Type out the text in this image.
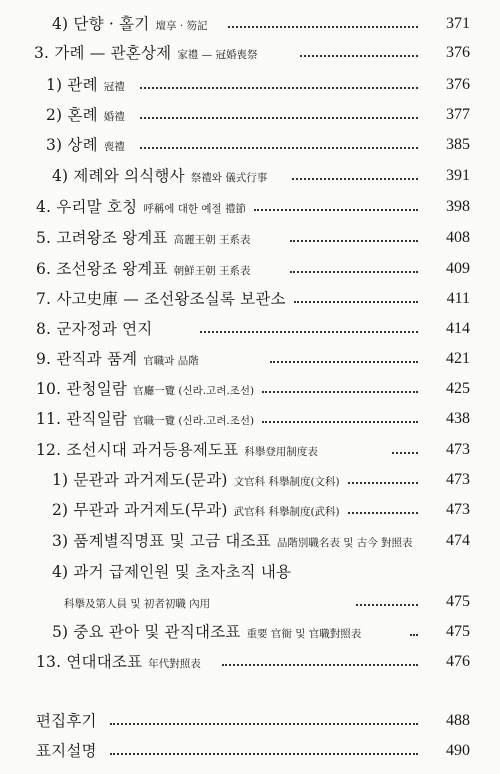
4) 단향 · 홀기 壇享 · 笏記	371
3. 가례 — 관혼상제 家禮 — 冠婚喪祭	376
1) 관례 冠禮	376
2) 혼례 婚禮	377
3) 상례 喪禮	385
4) 제례와 의식행사 祭禮와 儀式行事	391
4. 우리말 호칭 呼稱에 대한 예절 禮節	398
5. 고려왕조 왕계표 高麗王朝 王系表	408
6. 조선왕조 왕계표 朝鮮王朝 王系表	409
7. 사고史庫 — 조선왕조실록 보관소	411
8. 군자정과 연지	414
9. 관직과 품계 官職과 品階	421
10. 관청일람 官廳一覽 (신라.고려.조선)	425
11. 관직일람 官職一覽 (신라.고려.조선)	438
12. 조선시대 과거등용제도표 科擧登用制度表	473
1) 문관과 과거제도(문과) 文官科 科擧制度(文科)	473
2) 무관과 과거제도(무과) 武官科 科擧制度(武科)	473
3) 품계별직명표 및 고금 대조표 品階別職名表 및 古今 對照表 474
4) 과거 급제인원 및 초자초직 내용
科擧及第人員 및 初者初職 內用	475
5) 중요 관아 및 관직대조표 重要 官衙 및 官職對照表	475
13. 연대대조표 年代對照表	476
편집후기	488
표지설명	490
